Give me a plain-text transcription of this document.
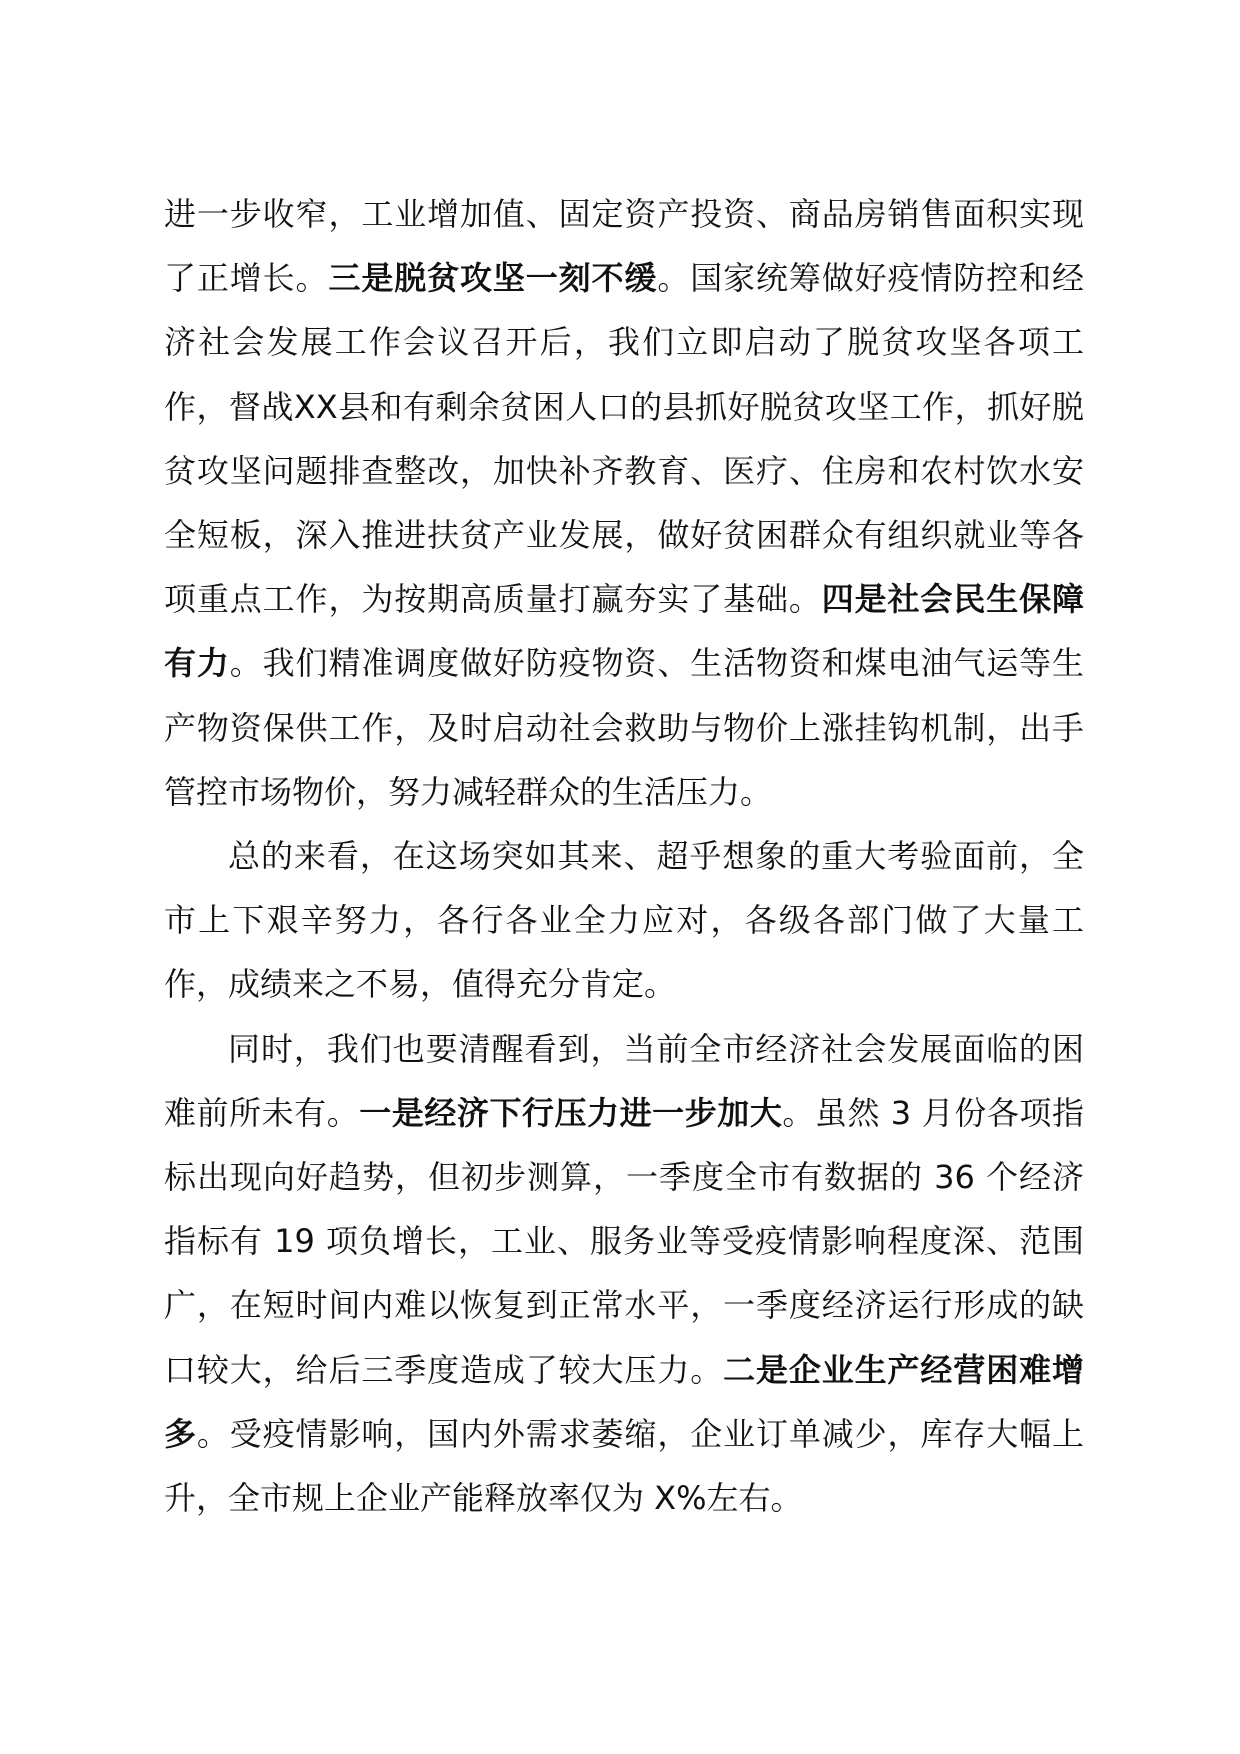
进一步收窄，工业增加值、固定资产投资、商品房销售面积实现了正增长。三是脱贫攻坚一刻不缓。国家统筹做好疫情防控和经济社会发展工作会议召开后，我们立即启动了脱贫攻坚各项工作，督战XX县和有剩余贫困人口的县抓好脱贫攻坚工作，抓好脱贫攻坚问题排查整改，加快补齐教育、医疗、住房和农村饮水安全短板，深入推进扶贫产业发展，做好贫困群众有组织就业等各项重点工作，为按期高质量打赢夯实了基础。四是社会民生保障有力。我们精准调度做好防疫物资、生活物资和煤电油气运等生产物资保供工作，及时启动社会救助与物价上涨挂钩机制，出手管控市场物价，努力减轻群众的生活压力。

总的来看，在这场突如其来、超乎想象的重大考验面前，全市上下艰辛努力，各行各业全力应对，各级各部门做了大量工作，成绩来之不易，值得充分肯定。

同时，我们也要清醒看到，当前全市经济社会发展面临的困难前所未有。一是经济下行压力进一步加大。虽然 3 月份各项指标出现向好趋势，但初步测算，一季度全市有数据的 36 个经济指标有 19 项负增长，工业、服务业等受疫情影响程度深、范围广，在短时间内难以恢复到正常水平，一季度经济运行形成的缺口较大，给后三季度造成了较大压力。二是企业生产经营困难增多。受疫情影响，国内外需求萎缩，企业订单减少，库存大幅上升，全市规上企业产能释放率仅为 X%左右。
